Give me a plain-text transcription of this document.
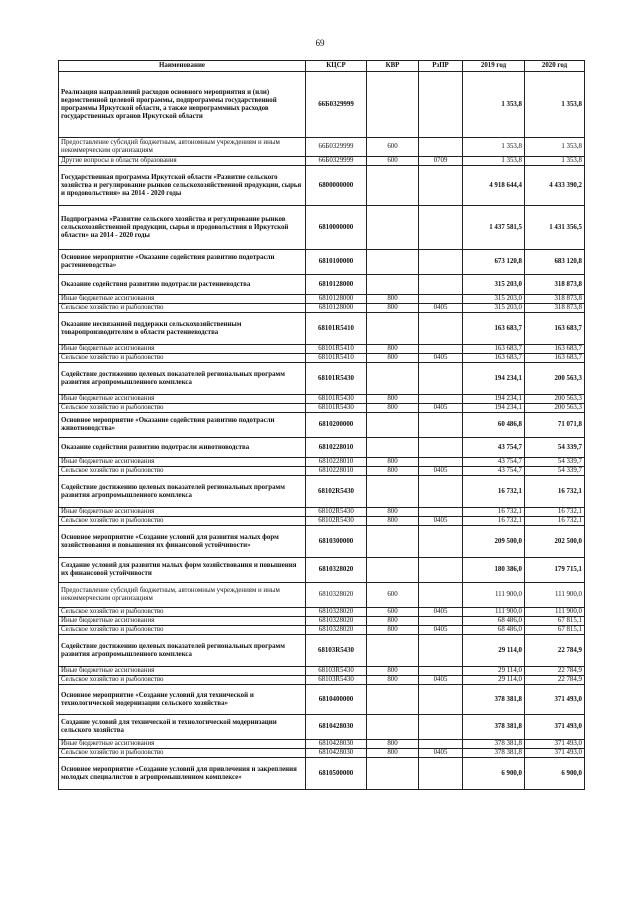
69
Наименование	КЦСР	КВР	РзПР	2019 год	2020 год
Реализация направлений расходов основного мероприятия и (или) ведомственной целевой программы, подпрограммы государственной программы Иркутской области, а также непрограммных расходов государственных органов Иркутской области	66Б0329999			1 353,8	1 353,8
Предоставление субсидий бюджетным, автономным учреждениям и иным некоммерческим организациям	66Б0329999	600		1 353,8	1 353,8
Другие вопросы в области образования	66Б0329999	600	0709	1 353,8	1 353,8
Государственная программа Иркутской области «Развитие сельского хозяйства и регулирование рынков сельскохозяйственной продукции, сырья и продовольствия» на 2014 - 2020 годы	6800000000			4 918 644,4	4 433 390,2
Подпрограмма «Развитие сельского хозяйства и регулирование рынков сельскохозяйственной продукции, сырья и продовольствия в Иркутской области» на 2014 - 2020 годы	6810000000			1 437 581,5	1 431 356,5
Основное мероприятие «Оказание содействия развитию подотрасли растениеводства»	6810100000			673 120,8	683 120,8
Оказание содействия развитию подотрасли растениеводства	6810128000			315 203,0	318 873,8
Иные бюджетные ассигнования	6810128000	800		315 203,0	318 873,8
Сельское хозяйство и рыболовство	6810128000	800	0405	315 203,0	318 873,8
Оказание несвязанной поддержки сельскохозяйственным товаропроизводителям в области растениеводства	68101R5410			163 683,7	163 683,7
Иные бюджетные ассигнования	68101R5410	800		163 683,7	163 683,7
Сельское хозяйство и рыболовство	68101R5410	800	0405	163 683,7	163 683,7
Содействие достижению целевых показателей региональных программ развития агропромышленного комплекса	68101R5430			194 234,1	200 563,3
Иные бюджетные ассигнования	68101R5430	800		194 234,1	200 563,3
Сельское хозяйство и рыболовство	68101R5430	800	0405	194 234,1	200 563,3
Основное мероприятие «Оказание содействия развитию подотрасли животноводства»	6810200000			60 486,8	71 071,8
Оказание содействия развитию подотрасли животноводства	6810228010			43 754,7	54 339,7
Иные бюджетные ассигнования	6810228010	800		43 754,7	54 339,7
Сельское хозяйство и рыболовство	6810228010	800	0405	43 754,7	54 339,7
Содействие достижению целевых показателей региональных программ развития агропромышленного комплекса	68102R5430			16 732,1	16 732,1
Иные бюджетные ассигнования	68102R5430	800		16 732,1	16 732,1
Сельское хозяйство и рыболовство	68102R5430	800	0405	16 732,1	16 732,1
Основное мероприятие «Создание условий для развития малых форм хозяйствования и повышения их финансовой устойчивости»	6810300000			209 500,0	202 500,0
Создание условий для развития малых форм хозяйствования и повышения их финансовой устойчивости	6810328020			180 386,0	179 715,1
Предоставление субсидий бюджетным, автономным учреждениям и иным некоммерческим организациям	6810328020	600		111 900,0	111 900,0
Сельское хозяйство и рыболовство	6810328020	600	0405	111 900,0	111 900,0
Иные бюджетные ассигнования	6810328020	800		68 486,0	67 815,1
Сельское хозяйство и рыболовство	6810328020	800	0405	68 486,0	67 815,1
Содействие достижению целевых показателей региональных программ развития агропромышленного комплекса	68103R5430			29 114,0	22 784,9
Иные бюджетные ассигнования	68103R5430	800		29 114,0	22 784,9
Сельское хозяйство и рыболовство	68103R5430	800	0405	29 114,0	22 784,9
Основное мероприятие «Создание условий для технической и технологической модернизации сельского хозяйства»	6810400000			378 381,8	371 493,0
Создание условий для технической и технологической модернизации сельского хозяйства	6810428030			378 381,8	371 493,0
Иные бюджетные ассигнования	6810428030	800		378 381,8	371 493,0
Сельское хозяйство и рыболовство	6810428030	800	0405	378 381,8	371 493,0
Основное мероприятие «Создание условий для привлечения и закрепления молодых специалистов в агропромышленном комплексе»	6810500000			6 900,0	6 900,0
